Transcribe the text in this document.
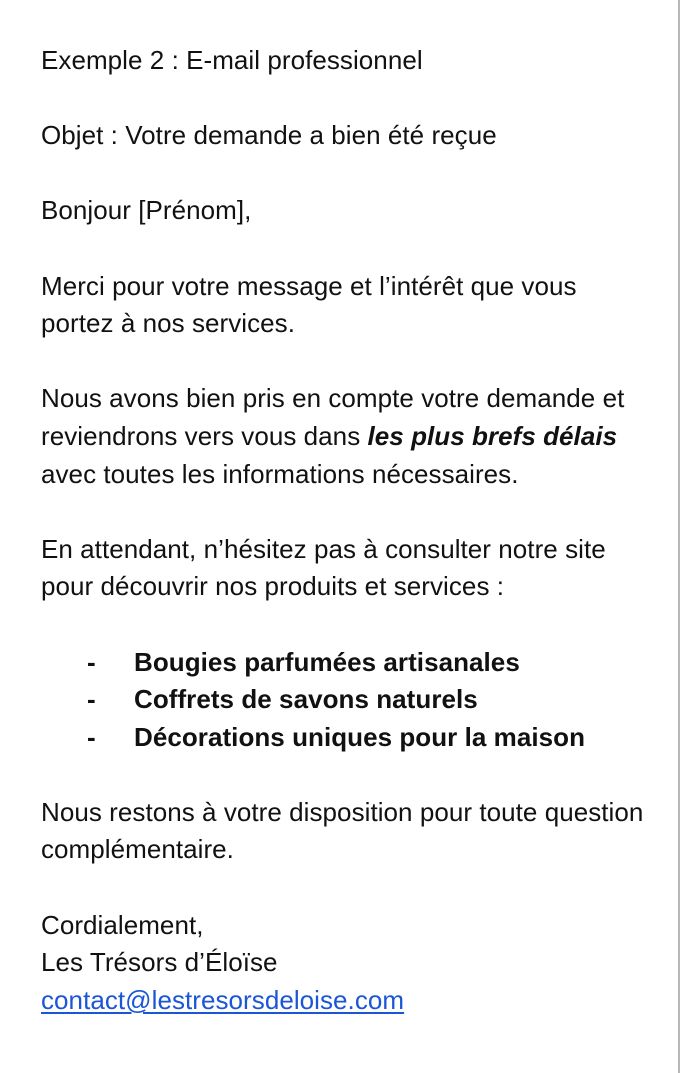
Exemple 2 : E-mail professionnel

Objet : Votre demande a bien été reçue

Bonjour [Prénom],

Merci pour votre message et l’intérêt que vous portez à nos services.

Nous avons bien pris en compte votre demande et reviendrons vers vous dans les plus brefs délais avec toutes les informations nécessaires.

En attendant, n’hésitez pas à consulter notre site pour découvrir nos produits et services :

- Bougies parfumées artisanales
- Coffrets de savons naturels
- Décorations uniques pour la maison

Nous restons à votre disposition pour toute question complémentaire.

Cordialement,
Les Trésors d’Éloïse
contact@lestresorsdeloise.com
